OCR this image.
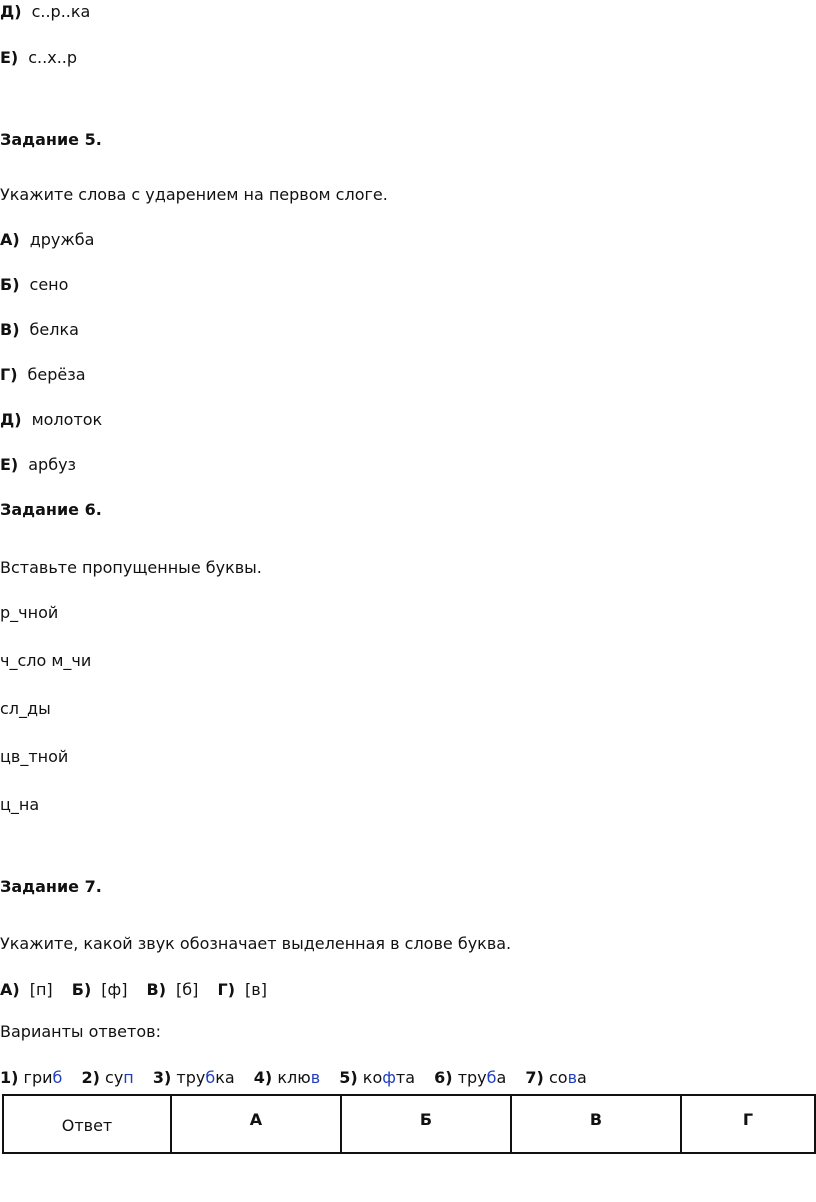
Д) с..р..ка
Е) с..х..р
Задание 5.
Укажите слова с ударением на первом слоге.
А) дружба
Б) сено
В) белка
Г) берёза
Д) молоток
Е) арбуз
Задание 6.
Вставьте пропущенные буквы.
р_чной
ч_сло м_чи
сл_ды
цв_тной
ц_на
Задание 7.
Укажите, какой звук обозначает выделенная в слове буква.
А) [п] Б) [ф] В) [б] Г) [в]
Варианты ответов:
1) гриб 2) суп 3) трубка 4) клюв 5) кофта 6) труба 7) сова
Ответ	А	Б	В	Г
